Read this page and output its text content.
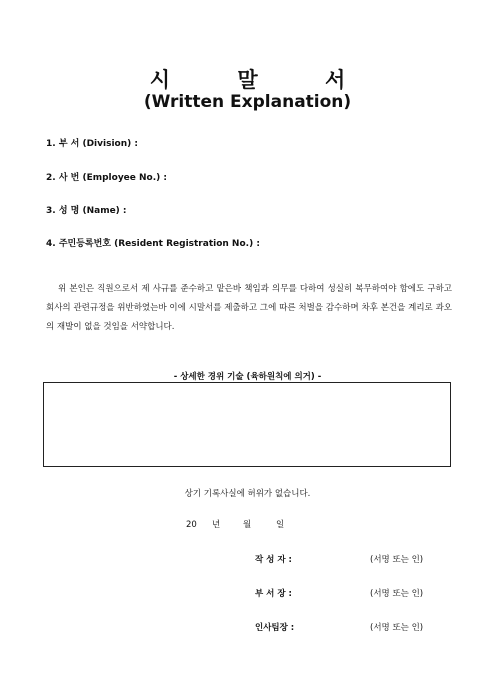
시 말 서
(Written Explanation)
1. 부 서 (Division) :
2. 사 번 (Employee No.) :
3. 성 명 (Name) :
4. 주민등록번호 (Resident Registration No.) :
위 본인은 직원으로서 제 사규를 준수하고 맡은바 책임과 의무를 다하여 성실히 복무하여야 함에도 구하고 회사의 관련규정을 위반하였는바 이에 시말서를 제출하고 그에 따른 처벌을 감수하며 차후 본건을 계리로 과오의 재발이 없을 것임을 서약합니다.
- 상세한 경위 기술 (육하원칙에 의거) -
상기 기록사실에 허위가 없습니다.
20 년	월	일
작 성 자 :	(서명 또는 인)
부 서 장 :	(서명 또는 인)
인사팀장 :	(서명 또는 인)
